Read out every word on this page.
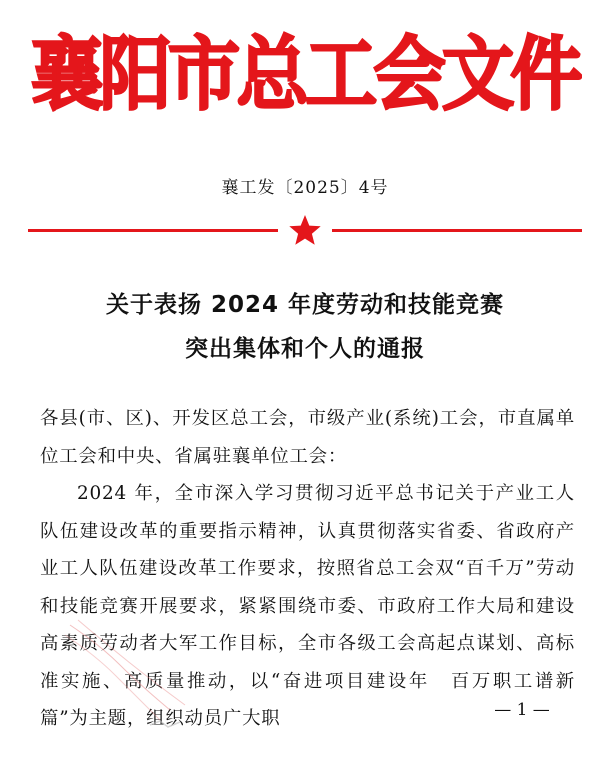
襄阳市总工会文件
襄工发〔2025〕4号
关于表扬 2024 年度劳动和技能竞赛
突出集体和个人的通报

各县(市、区)、开发区总工会，市级产业(系统)工会，市直属单位工会和中央、省属驻襄单位工会：

2024 年，全市深入学习贯彻习近平总书记关于产业工人队伍建设改革的重要指示精神，认真贯彻落实省委、省政府产业工人队伍建设改革工作要求，按照省总工会双“百千万”劳动和技能竞赛开展要求，紧紧围绕市委、市政府工作大局和建设高素质劳动者大军工作目标，全市各级工会高起点谋划、高标准实施、高质量推动，以“奋进项目建设年　百万职工谱新篇”为主题，组织动员广大职	— 1 —
